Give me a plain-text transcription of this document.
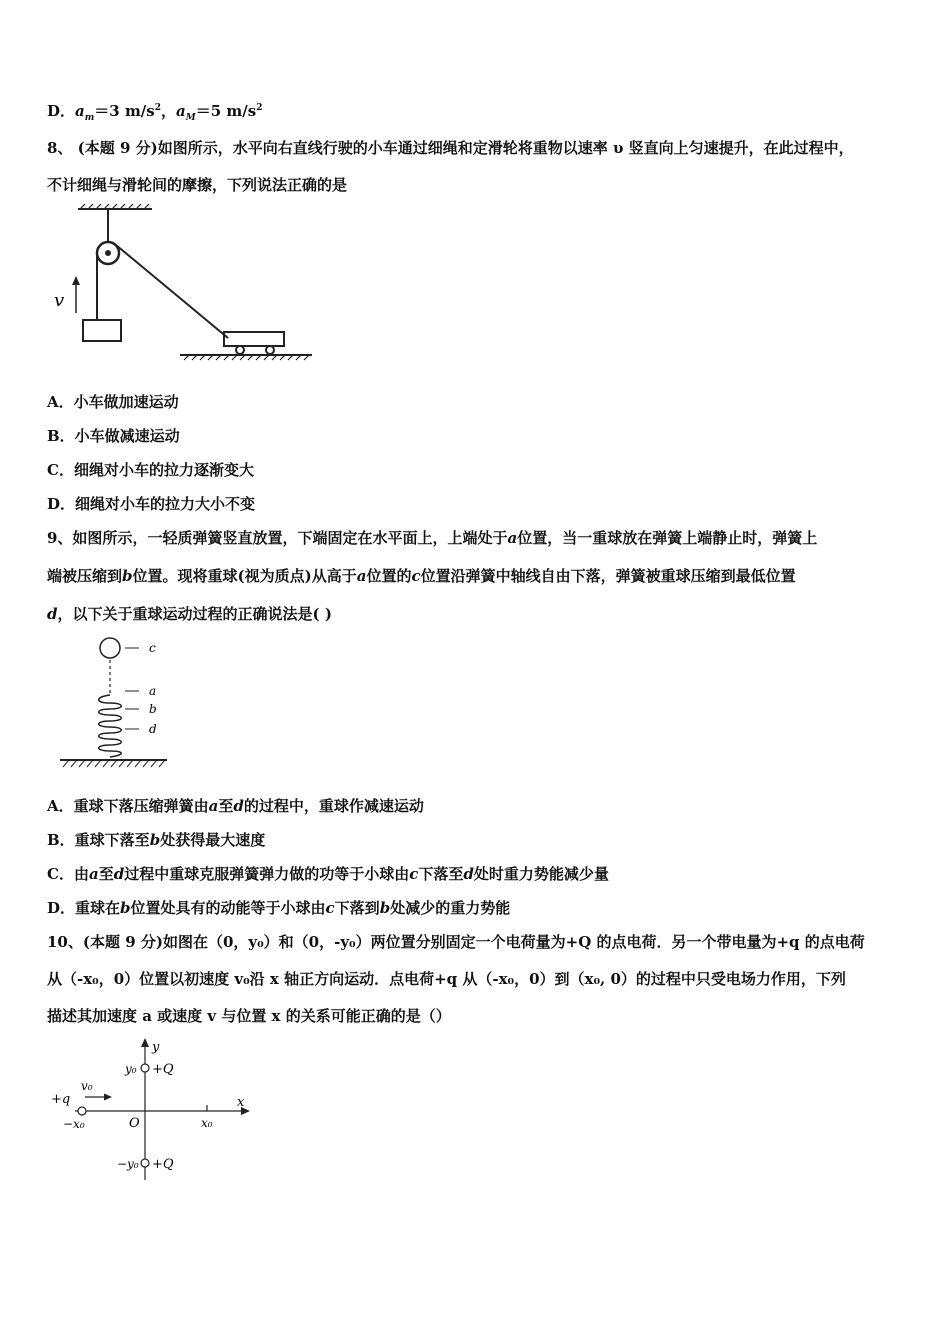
D．$a_m=3$ $m/s^2$，$a_M=5$ $m/s^2$
8、 (本题 9 分)如图所示，水平向右直线行驶的小车通过细绳和定滑轮将重物以速率 υ 竖直向上匀速提升，在此过程中，
不计细绳与滑轮间的摩擦，下列说法正确的是
v
A．小车做加速运动
B．小车做减速运动
C．细绳对小车的拉力逐渐变大
D．细绳对小车的拉力大小不变
9、如图所示，一轻质弹簧竖直放置，下端固定在水平面上，上端处于a位置，当一重球放在弹簧上端静止时，弹簧上
端被压缩到b位置。现将重球(视为质点)从高于a位置的c位置沿弹簧中轴线自由下落，弹簧被重球压缩到最低位置
d，以下关于重球运动过程的正确说法是( )
c
a
b
d
A．重球下落压缩弹簧由a至d的过程中，重球作减速运动
B．重球下落至b处获得最大速度
C．由a至d过程中重球克服弹簧弹力做的功等于小球由c下落至d处时重力势能减少量
D．重球在b位置处具有的动能等于小球由c下落到b处减少的重力势能
10、(本题 9 分)如图在（0，y₀）和（0，-y₀）两位置分别固定一个电荷量为+Q 的点电荷．另一个带电量为+q 的点电荷
从（-x₀，0）位置以初速度 v₀沿 x 轴正方向运动．点电荷+q 从（-x₀，0）到（x₀, 0）的过程中只受电场力作用，下列
描述其加速度 a 或速度 v 与位置 x 的关系可能正确的是（）
y
x
O
y₀ +Q
−y₀ +Q
+q
−x₀
v₀
x₀
